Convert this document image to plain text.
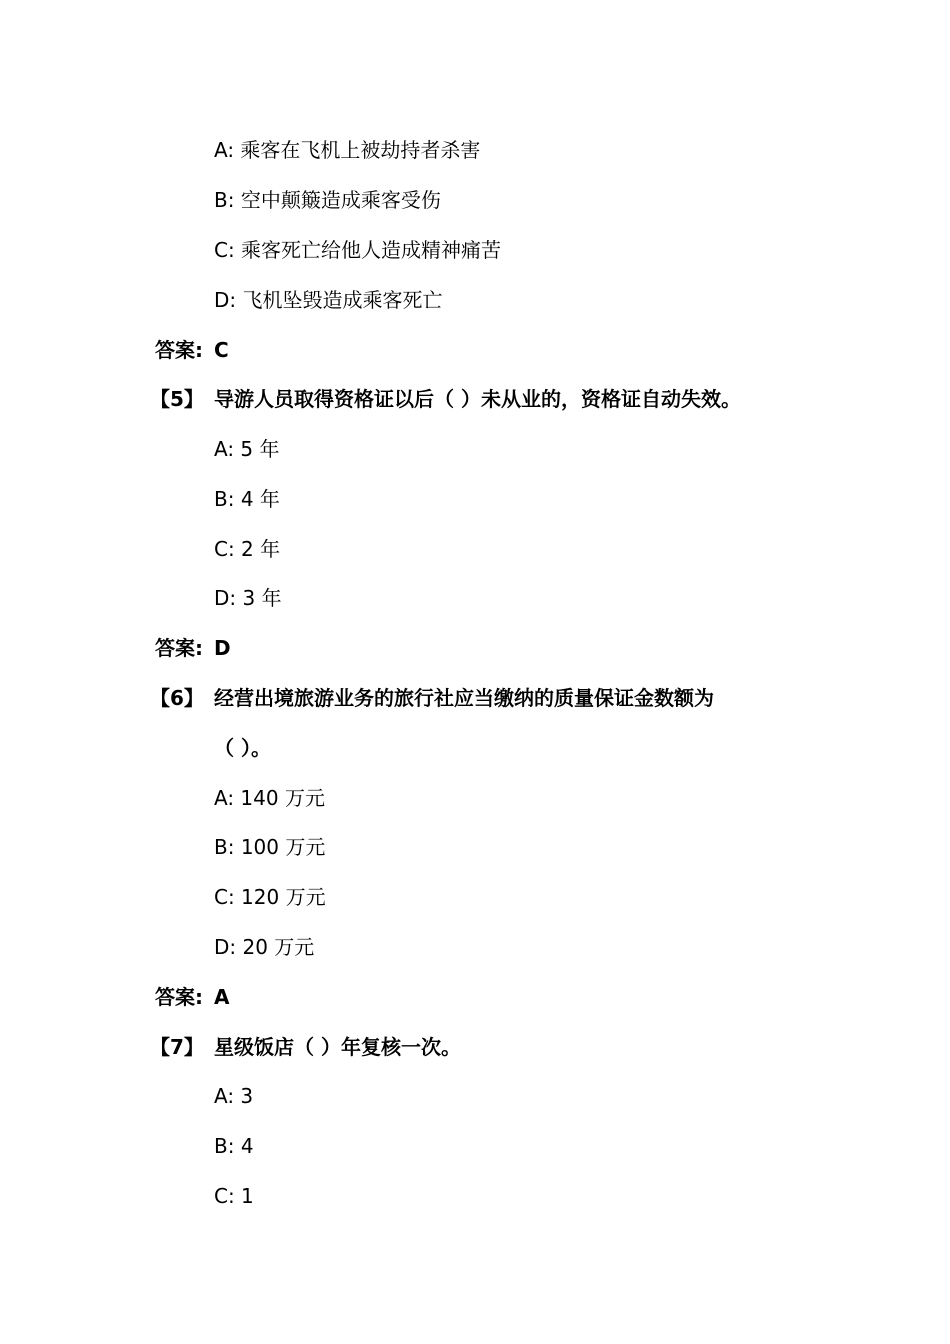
A: 乘客在飞机上被劫持者杀害
B: 空中颠簸造成乘客受伤
C: 乘客死亡给他人造成精神痛苦
D: 飞机坠毁造成乘客死亡
答案: C
【5】 导游人员取得资格证以后（ ）未从业的，资格证自动失效。
A: 5 年
B: 4 年
C: 2 年
D: 3 年
答案: D
【6】 经营出境旅游业务的旅行社应当缴纳的质量保证金数额为
（ ）。
A: 140 万元
B: 100 万元
C: 120 万元
D: 20 万元
答案: A
【7】 星级饭店（ ）年复核一次。
A: 3
B: 4
C: 1
